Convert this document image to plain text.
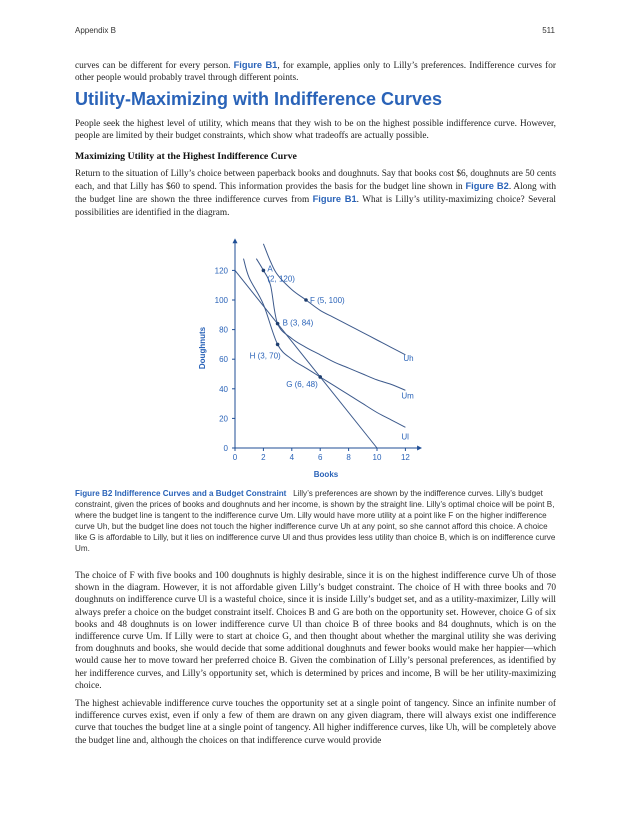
Appendix B	511
curves can be different for every person. Figure B1, for example, applies only to Lilly’s preferences. Indifference curves for other people would probably travel through different points.
Utility-Maximizing with Indifference Curves
People seek the highest level of utility, which means that they wish to be on the highest possible indifference curve. However, people are limited by their budget constraints, which show what tradeoffs are actually possible.
Maximizing Utility at the Highest Indifference Curve
Return to the situation of Lilly’s choice between paperback books and doughnuts. Say that books cost $6, doughnuts are 50 cents each, and that Lilly has $60 to spend. This information provides the basis for the budget line shown in Figure B2. Along with the budget line are shown the three indifference curves from Figure B1. What is Lilly’s utility-maximizing choice? Several possibilities are identified in the diagram.
Uh
Um
Ul
0	2	4	6	8	10 12
0
20
40
60
80
100
120	A
(2, 120)
F (5, 100)
B (3, 84)
H (3, 70)
G (6, 48)
Books
Doughnuts
Figure B2 Indifference Curves and a Budget Constraint Lilly’s preferences are shown by the indifference curves. Lilly’s budget constraint, given the prices of books and doughnuts and her income, is shown by the straight line. Lilly’s optimal choice will be point B, where the budget line is tangent to the indifference curve Um. Lilly would have more utility at a point like F on the higher indifference curve Uh, but the budget line does not touch the higher indifference curve Uh at any point, so she cannot afford this choice. A choice like G is affordable to Lilly, but it lies on indifference curve Ul and thus provides less utility than choice B, which is on indifference curve Um.
The choice of F with five books and 100 doughnuts is highly desirable, since it is on the highest indifference curve Uh of those shown in the diagram. However, it is not affordable given Lilly’s budget constraint. The choice of H with three books and 70 doughnuts on indifference curve Ul is a wasteful choice, since it is inside Lilly’s budget set, and as a utility-maximizer, Lilly will always prefer a choice on the budget constraint itself. Choices B and G are both on the opportunity set. However, choice G of six books and 48 doughnuts is on lower indifference curve Ul than choice B of three books and 84 doughnuts, which is on the indifference curve Um. If Lilly were to start at choice G, and then thought about whether the marginal utility she was deriving from doughnuts and books, she would decide that some additional doughnuts and fewer books would make her happier—which would cause her to move toward her preferred choice B. Given the combination of Lilly’s personal preferences, as identified by her indifference curves, and Lilly’s opportunity set, which is determined by prices and income, B will be her utility-maximizing choice.
The highest achievable indifference curve touches the opportunity set at a single point of tangency. Since an infinite number of indifference curves exist, even if only a few of them are drawn on any given diagram, there will always exist one indifference curve that touches the budget line at a single point of tangency. All higher indifference curves, like Uh, will be completely above the budget line and, although the choices on that indifference curve would provide
